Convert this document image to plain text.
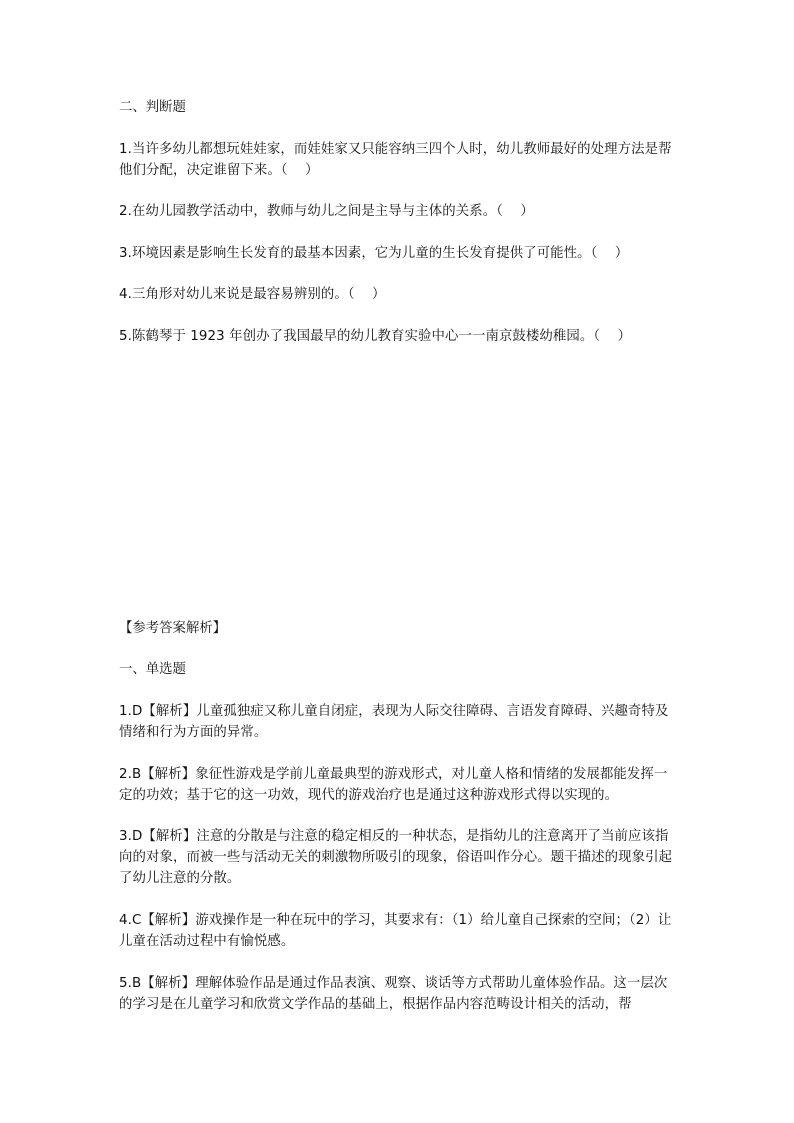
二、判断题

1.当许多幼儿都想玩娃娃家，而娃娃家又只能容纳三四个人时，幼儿教师最好的处理方法是帮他们分配，决定谁留下来。（    ）

2.在幼儿园教学活动中，教师与幼儿之间是主导与主体的关系。（    ）

3.环境因素是影响生长发育的最基本因素，它为儿童的生长发育提供了可能性。（    ）

4.三角形对幼儿来说是最容易辨别的。（    ）

5.陈鹤琴于 1923 年创办了我国最早的幼儿教育实验中心一一南京鼓楼幼稚园。（    ）

【参考答案解析】

一、单选题

1.D【解析】儿童孤独症又称儿童自闭症，表现为人际交往障碍、言语发育障碍、兴趣奇特及情绪和行为方面的异常。

2.B【解析】象征性游戏是学前儿童最典型的游戏形式，对儿童人格和情绪的发展都能发挥一定的功效；基于它的这一功效，现代的游戏治疗也是通过这种游戏形式得以实现的。

3.D【解析】注意的分散是与注意的稳定相反的一种状态，是指幼儿的注意离开了当前应该指向的对象，而被一些与活动无关的刺激物所吸引的现象，俗语叫作分心。题干描述的现象引起了幼儿注意的分散。

4.C【解析】游戏操作是一种在玩中的学习，其要求有：（1）给儿童自己探索的空间；（2）让儿童在活动过程中有愉悦感。

5.B【解析】理解体验作品是通过作品表演、观察、谈话等方式帮助儿童体验作品。这一层次的学习是在儿童学习和欣赏文学作品的基础上，根据作品内容范畴设计相关的活动，帮
